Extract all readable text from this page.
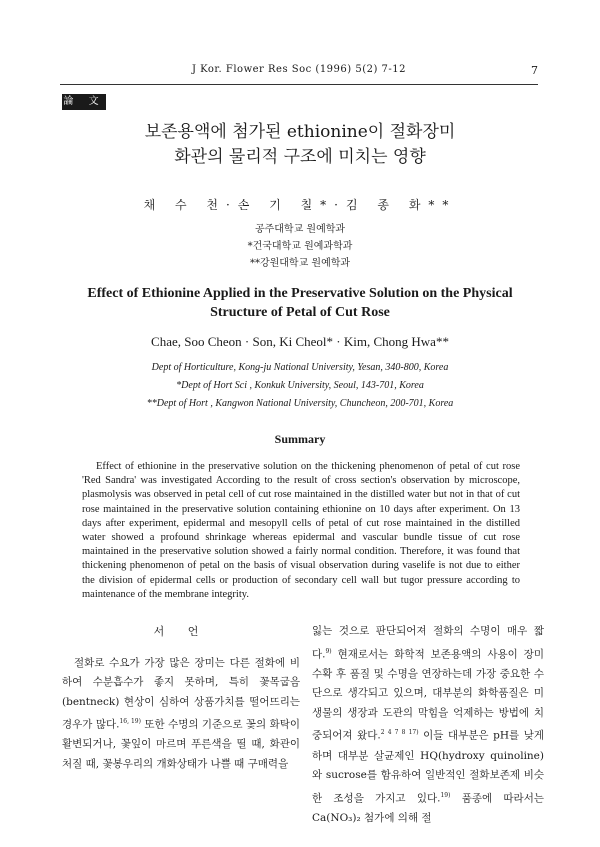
J Kor. Flower Res Soc (1996) 5(2) 7-12	7
論 文
보존용액에 첨가된 ethionine이 절화장미
화관의 물리적 구조에 미치는 영향
채 수 천·손 기 칠*·김 종 화**
공주대학교 원예학과
*건국대학교 원예과학과
**강원대학교 원예학과
Effect of Ethionine Applied in the Preservative Solution on the Physical
Structure of Petal of Cut Rose
Chae, Soo Cheon · Son, Ki Cheol* · Kim, Chong Hwa**
Dept of Horticulture, Kong-ju National University, Yesan, 340-800, Korea
*Dept of Hort Sci , Konkuk University, Seoul, 143-701, Korea
**Dept of Hort , Kangwon National University, Chuncheon, 200-701, Korea
Summary
Effect of ethionine in the preservative solution on the thickening phenomenon of petal of cut rose 'Red Sandra' was investigated According to the result of cross section's observation by microscope, plasmolysis was observed in petal cell of cut rose maintained in the distilled water but not in that of cut rose maintained in the preservative solution containing ethionine on 10 days after experiment. On 13 days after experiment, epidermal and mesopyll cells of petal of cut rose maintained in the distilled water showed a profound shrinkage whereas epidermal and vascular bundle tissue of cut rose maintained in the preservative solution showed a fairly normal condition. Therefore, it was found that thickening phenomenon of petal on the basis of visual observation during vaselife is not due to either the division of epidermal cells or production of secondary cell wall but tugor pressure according to maintenance of the membrane integrity.
서 언

절화로 수요가 가장 많은 장미는 다른 절화에 비하여 수분흡수가 좋지 못하며, 특히 꽃목굽음 (bentneck) 현상이 심하여 상품가치를 떨어뜨리는 경우가 많다.$^{16, 19)}$ 또한 수명의 기준으로 꽃의 화탁이 활변되거나, 꽃잎이 마르며 푸른색을 띨 때, 화관이 처질 때, 꽃봉우리의 개화상태가 나쁠 때 구매력을

잃는 것으로 판단되어져 절화의 수명이 매우 짧다.$^{9)}$ 현재로서는 화학적 보존용액의 사용이 장미 수확 후 품질 및 수명을 연장하는데 가장 중요한 수단으로 생각되고 있으며, 대부분의 화학품질은 미생물의 생장과 도관의 막힘을 억제하는 방법에 치중되어져 왔다.$^{2 4 7 8 17)}$ 이들 대부분은 pH를 낮게 하며 대부분 살균제인 HQ(hydroxy quinoline)와 sucrose를 함유하여 일반적인 절화보존제 비슷한 조성을 가지고 있다.$^{19)}$ 품종에 따라서는 Ca(NO₃)₂ 첨가에 의해 절
